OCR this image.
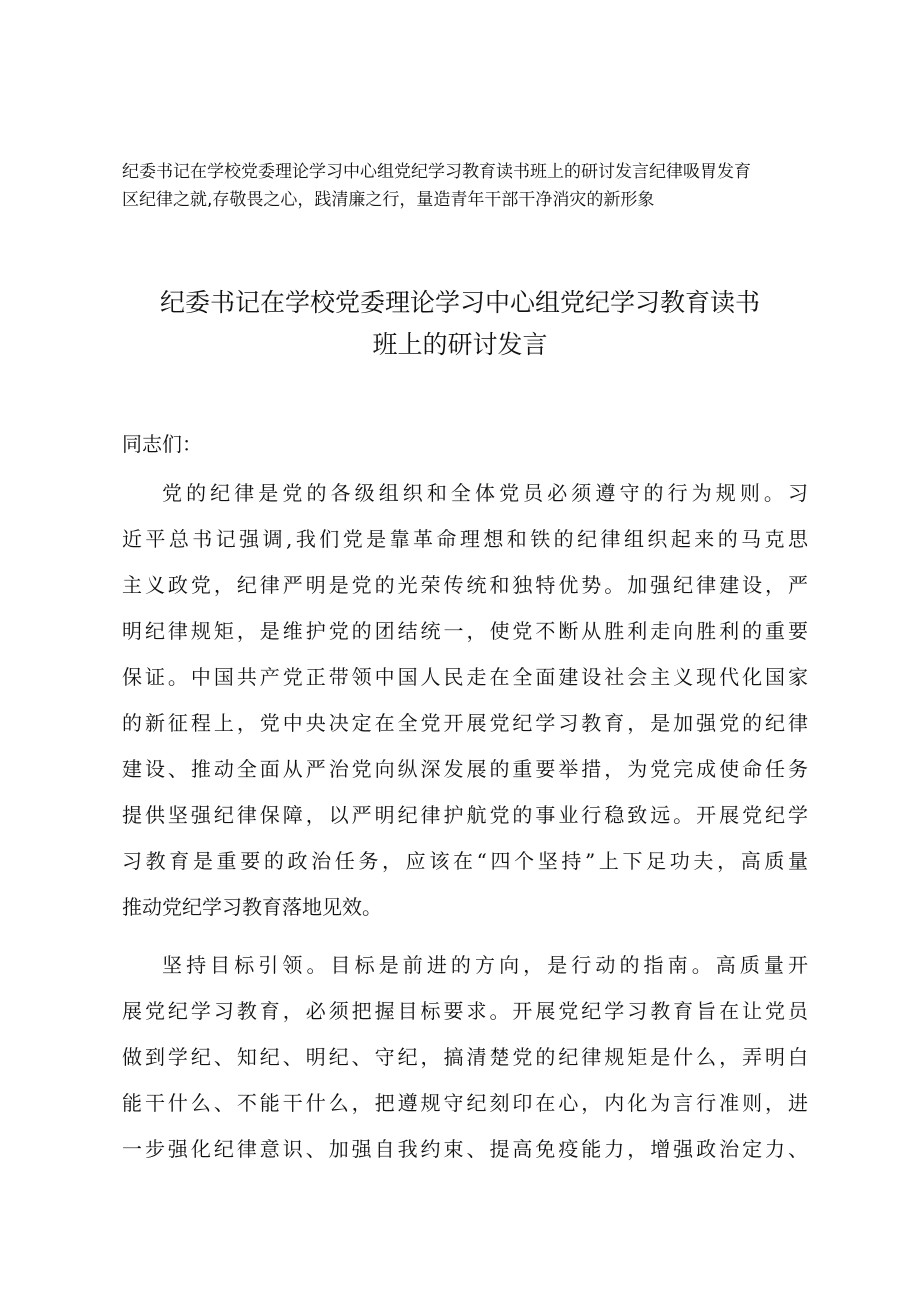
纪委书记在学校党委理论学习中心组党纪学习教育读书班上的研讨发言纪律吸胃发育
区纪律之就,存敬畏之心，践清廉之行，量造青年干部干净消灾的新形象
纪委书记在学校党委理论学习中心组党纪学习教育读书
班上的研讨发言
同志们：
党的纪律是党的各级组织和全体党员必须遵守的行为规则。习
近平总书记强调,我们党是靠革命理想和铁的纪律组织起来的马克思
主义政党，纪律严明是党的光荣传统和独特优势。加强纪律建设，严
明纪律规矩，是维护党的团结统一，使党不断从胜利走向胜利的重要
保证。中国共产党正带领中国人民走在全面建设社会主义现代化国家
的新征程上，党中央决定在全党开展党纪学习教育，是加强党的纪律
建设、推动全面从严治党向纵深发展的重要举措，为党完成使命任务
提供坚强纪律保障，以严明纪律护航党的事业行稳致远。开展党纪学
习教育是重要的政治任务，应该在“四个坚持”上下足功夫，高质量
推动党纪学习教育落地见效。
坚持目标引领。目标是前进的方向，是行动的指南。高质量开
展党纪学习教育，必须把握目标要求。开展党纪学习教育旨在让党员
做到学纪、知纪、明纪、守纪，搞清楚党的纪律规矩是什么，弄明白
能干什么、不能干什么，把遵规守纪刻印在心，内化为言行准则，进
一步强化纪律意识、加强自我约束、提高免疫能力，增强政治定力、
